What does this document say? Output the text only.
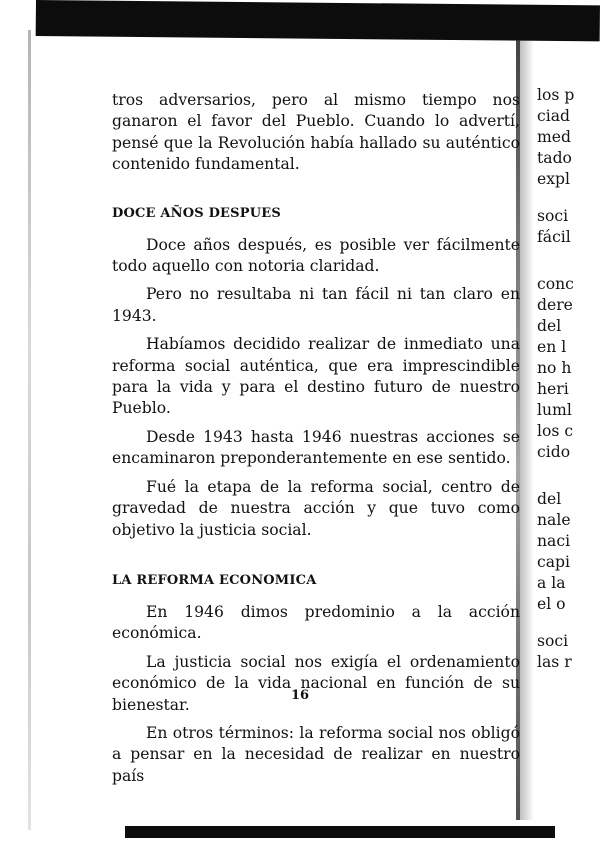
tros adversarios, pero al mismo tiempo nos ganaron el favor del Pueblo. Cuando lo advertí, pensé que la Revolución había hallado su auténtico contenido fundamental.

DOCE AÑOS DESPUES

Doce años después, es posible ver fácilmente todo aquello con notoria claridad.

Pero no resultaba ni tan fácil ni tan claro en 1943.

Habíamos decidido realizar de inmediato una reforma social auténtica, que era imprescindible para la vida y para el destino futuro de nuestro Pueblo.

Desde 1943 hasta 1946 nuestras acciones se encaminaron preponderantemente en ese sentido.

Fué la etapa de la reforma social, centro de gravedad de nuestra acción y que tuvo como objetivo la justicia social.

LA REFORMA ECONOMICA

En 1946 dimos predominio a la acción económica.

La justicia social nos exigía el ordenamiento económico de la vida nacional en función de su bienestar.

En otros términos: la reforma social nos obligó a pensar en la necesidad de realizar en nuestro país

16
los p
ciad
med
tado
expl
soci
fácil
conc
dere
del
en l
no h
heri
luml
los c
cido
del
nale
naci
capi
a la
el o
soci
las r
